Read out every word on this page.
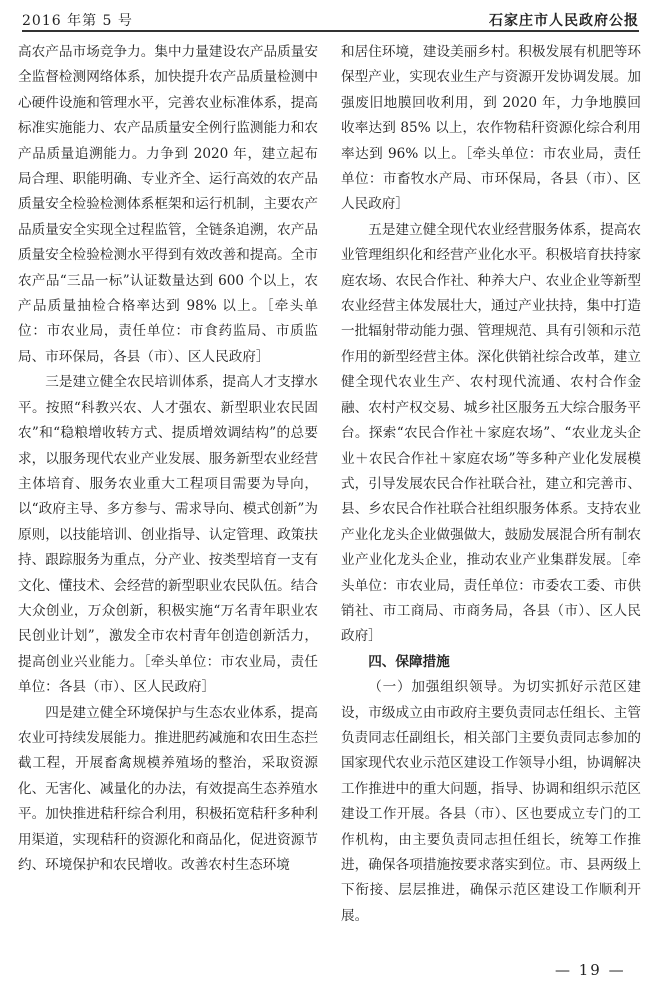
2016 年第 5 号	石家庄市人民政府公报

高农产品市场竞争力。集中力量建设农产品质量安全监督检测网络体系，加快提升农产品质量检测中心硬件设施和管理水平，完善农业标准体系，提高标准实施能力、农产品质量安全例行监测能力和农产品质量追溯能力。力争到 2020 年，建立起布局合理、职能明确、专业齐全、运行高效的农产品质量安全检验检测体系框架和运行机制，主要农产品质量安全实现全过程监管，全链条追溯，农产品质量安全检验检测水平得到有效改善和提高。全市农产品“三品一标”认证数量达到 600 个以上，农产品质量抽检合格率达到 98% 以上。［牵头单位：市农业局，责任单位：市食药监局、市质监局、市环保局，各县（市）、区人民政府］

三是建立健全农民培训体系，提高人才支撑水平。按照“科教兴农、人才强农、新型职业农民固农”和“稳粮增收转方式、提质增效调结构”的总要求，以服务现代农业产业发展、服务新型农业经营主体培育、服务农业重大工程项目需要为导向，以“政府主导、多方参与、需求导向、模式创新”为原则，以技能培训、创业指导、认定管理、政策扶持、跟踪服务为重点，分产业、按类型培育一支有文化、懂技术、会经营的新型职业农民队伍。结合大众创业，万众创新，积极实施“万名青年职业农民创业计划”，激发全市农村青年创造创新活力，提高创业兴业能力。［牵头单位：市农业局，责任单位：各县（市）、区人民政府］

四是建立健全环境保护与生态农业体系，提高农业可持续发展能力。推进肥药减施和农田生态拦截工程，开展畜禽规模养殖场的整治，采取资源化、无害化、减量化的办法，有效提高生态养殖水平。加快推进秸秆综合利用，积极拓宽秸秆多种利用渠道，实现秸秆的资源化和商品化，促进资源节约、环境保护和农民增收。改善农村生态环境

和居住环境，建设美丽乡村。积极发展有机肥等环保型产业，实现农业生产与资源开发协调发展。加强废旧地膜回收利用，到 2020 年，力争地膜回收率达到 85% 以上，农作物秸秆资源化综合利用率达到 96% 以上。［牵头单位：市农业局，责任单位：市畜牧水产局、市环保局，各县（市）、区人民政府］

五是建立健全现代农业经营服务体系，提高农业管理组织化和经营产业化水平。积极培育扶持家庭农场、农民合作社、种养大户、农业企业等新型农业经营主体发展壮大，通过产业扶持，集中打造一批辐射带动能力强、管理规范、具有引领和示范作用的新型经营主体。深化供销社综合改革，建立健全现代农业生产、农村现代流通、农村合作金融、农村产权交易、城乡社区服务五大综合服务平台。探索“农民合作社＋家庭农场”、“农业龙头企业＋农民合作社＋家庭农场”等多种产业化发展模式，引导发展农民合作社联合社，建立和完善市、县、乡农民合作社联合社组织服务体系。支持农业产业化龙头企业做强做大，鼓励发展混合所有制农业产业化龙头企业，推动农业产业集群发展。［牵头单位：市农业局，责任单位：市委农工委、市供销社、市工商局、市商务局，各县（市）、区人民政府］

四、保障措施

（一）加强组织领导。为切实抓好示范区建设，市级成立由市政府主要负责同志任组长、主管负责同志任副组长，相关部门主要负责同志参加的国家现代农业示范区建设工作领导小组，协调解决工作推进中的重大问题，指导、协调和组织示范区建设工作开展。各县（市）、区也要成立专门的工作机构，由主要负责同志担任组长，统筹工作推进，确保各项措施按要求落实到位。市、县两级上下衔接、层层推进，确保示范区建设工作顺利开展。

— 19 —
